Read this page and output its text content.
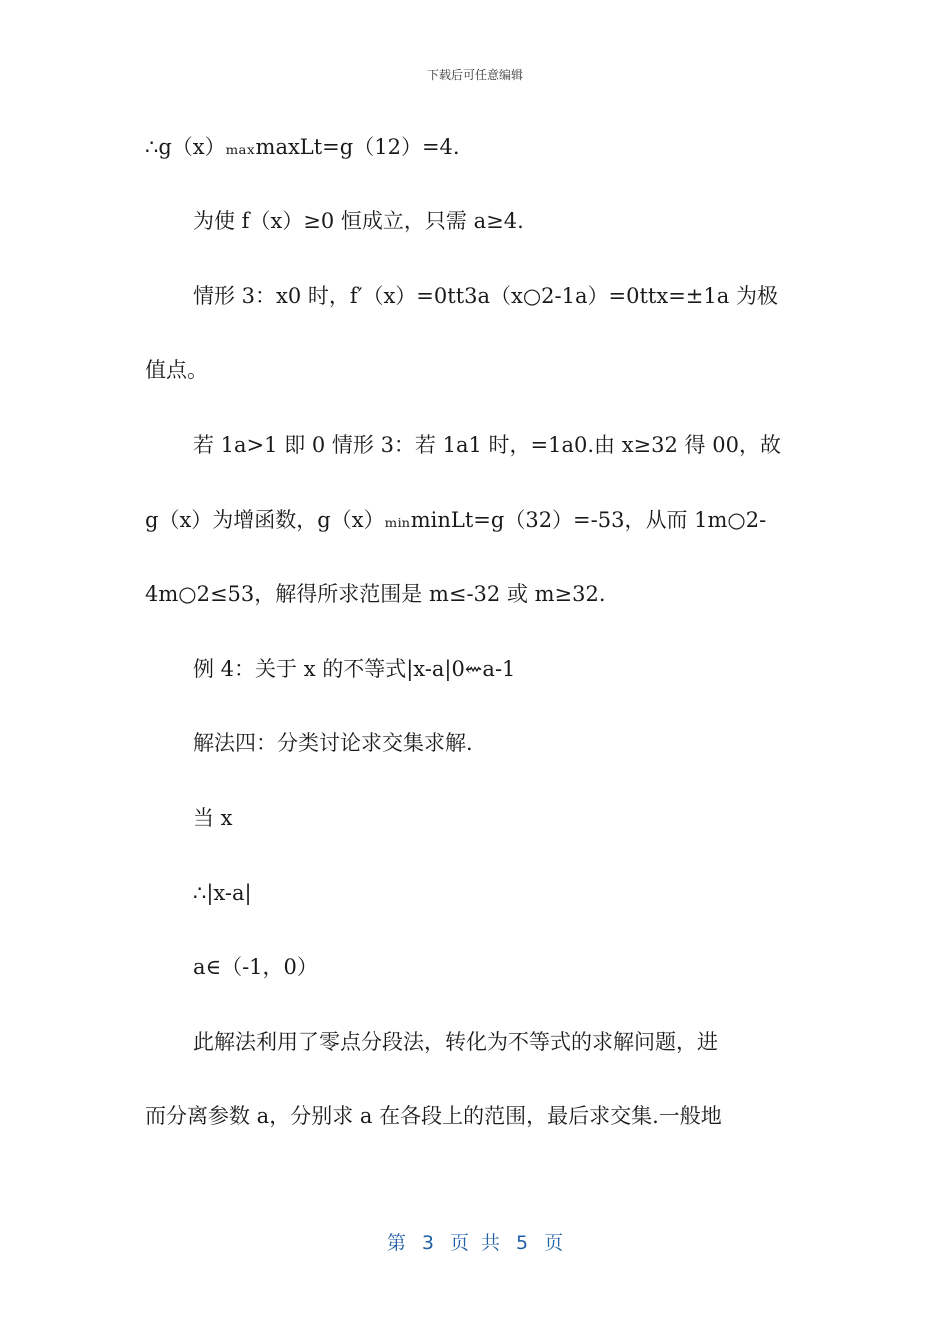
下载后可任意编辑
∴g（x）ₘₐₓmaxLt=g（12）=4.
为使 f（x）≥0 恒成立，只需 a≥4.
情形 3：x0 时，f′（x）=0tt3a（x○2-1a）=0ttx=±1a 为极
值点。
若 1a>1 即 0 情形 3：若 1a1 时，=1a0.由 x≥32 得 00，故
g（x）为增函数，g（x）ₘᵢₙminLt=g（32）=-53，从而 1m○2-
4m○2≤53，解得所求范围是 m≤-32 或 m≥32.
例 4：关于 x 的不等式|x-a|0⇜a-1
解法四：分类讨论求交集求解.
当 x
∴|x-a|
a∈（-1，0）
此解法利用了零点分段法，转化为不等式的求解问题，进
而分离参数 a，分别求 a 在各段上的范围，最后求交集.一般地
第 3 页 共 5 页
